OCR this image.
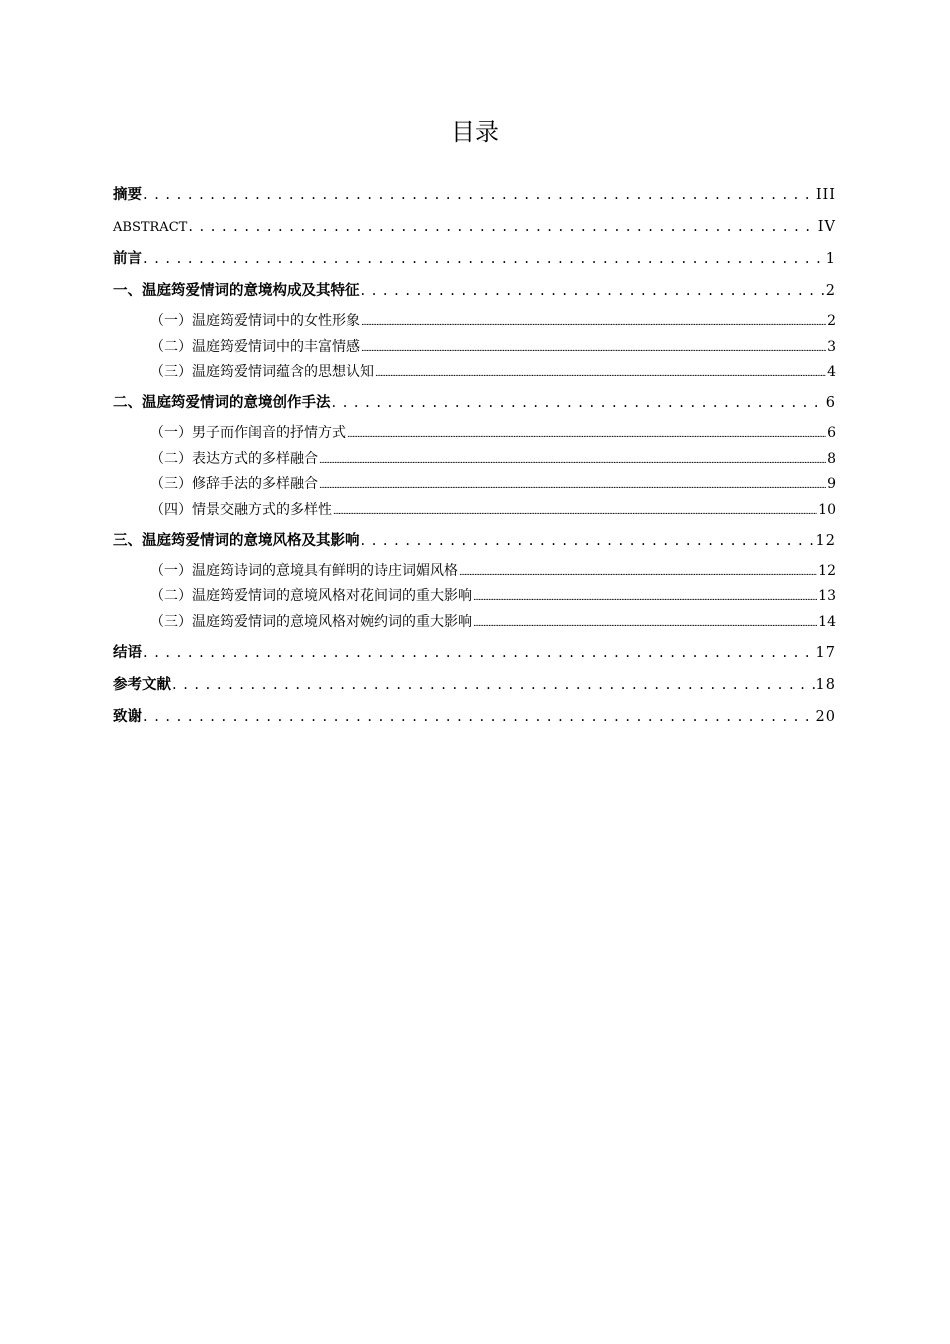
目录
摘要 . . .	III
ABSTRACT . . .	IV
前言 . . .	1
一、温庭筠爱情词的意境构成及其特征 . . .	2
（一）温庭筠爱情词中的女性形象 .....	2
（二）温庭筠爱情词中的丰富情感 .....	3
（三）温庭筠爱情词蕴含的思想认知 .....	4
二、温庭筠爱情词的意境创作手法 . . .	6
（一）男子而作闺音的抒情方式 .....	6
（二）表达方式的多样融合 .....	8
（三）修辞手法的多样融合 .....	9
（四）情景交融方式的多样性 .....	10
三、温庭筠爱情词的意境风格及其影响 . . .	12
（一）温庭筠诗词的意境具有鲜明的诗庄词媚风格 .....	12
（二）温庭筠爱情词的意境风格对花间词的重大影响 .....	13
（三）温庭筠爱情词的意境风格对婉约词的重大影响 .....	14
结语 . . .	17
参考文献 . . .	18
致谢 . . .	20
